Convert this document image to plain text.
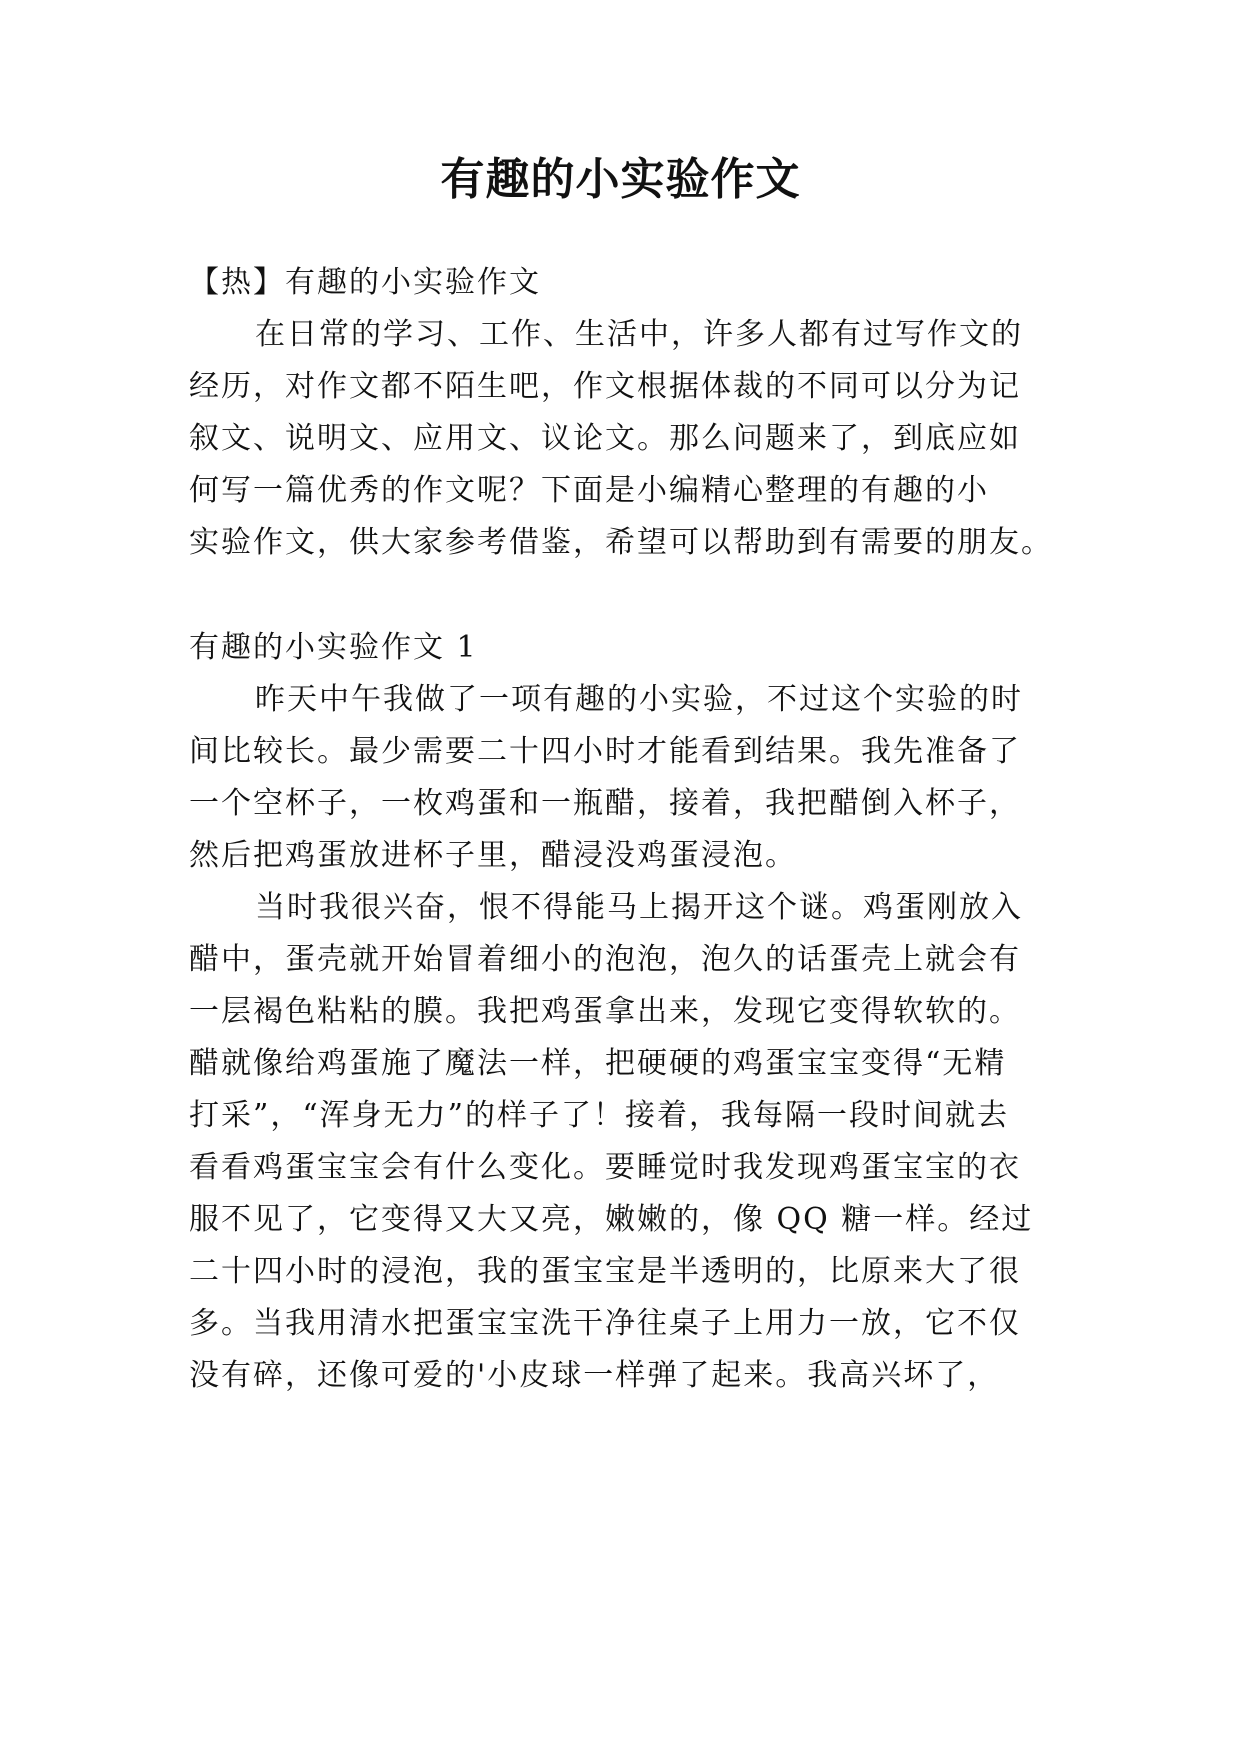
有趣的小实验作文

【热】有趣的小实验作文

在日常的学习、工作、生活中，许多人都有过写作文的

经历，对作文都不陌生吧，作文根据体裁的不同可以分为记

叙文、说明文、应用文、议论文。那么问题来了，到底应如

何写一篇优秀的作文呢？下面是小编精心整理的有趣的小

实验作文，供大家参考借鉴，希望可以帮助到有需要的朋友。

有趣的小实验作文 1

昨天中午我做了一项有趣的小实验，不过这个实验的时

间比较长。最少需要二十四小时才能看到结果。我先准备了

一个空杯子，一枚鸡蛋和一瓶醋，接着，我把醋倒入杯子，

然后把鸡蛋放进杯子里，醋浸没鸡蛋浸泡。

当时我很兴奋，恨不得能马上揭开这个谜。鸡蛋刚放入

醋中，蛋壳就开始冒着细小的泡泡，泡久的话蛋壳上就会有

一层褐色粘粘的膜。我把鸡蛋拿出来，发现它变得软软的。

醋就像给鸡蛋施了魔法一样，把硬硬的鸡蛋宝宝变得“无精

打采”，“浑身无力”的样子了！接着，我每隔一段时间就去

看看鸡蛋宝宝会有什么变化。要睡觉时我发现鸡蛋宝宝的衣

服不见了，它变得又大又亮，嫩嫩的，像 QQ 糖一样。经过

二十四小时的浸泡，我的蛋宝宝是半透明的，比原来大了很

多。当我用清水把蛋宝宝洗干净往桌子上用力一放，它不仅

没有碎，还像可爱的'小皮球一样弹了起来。我高兴坏了，
